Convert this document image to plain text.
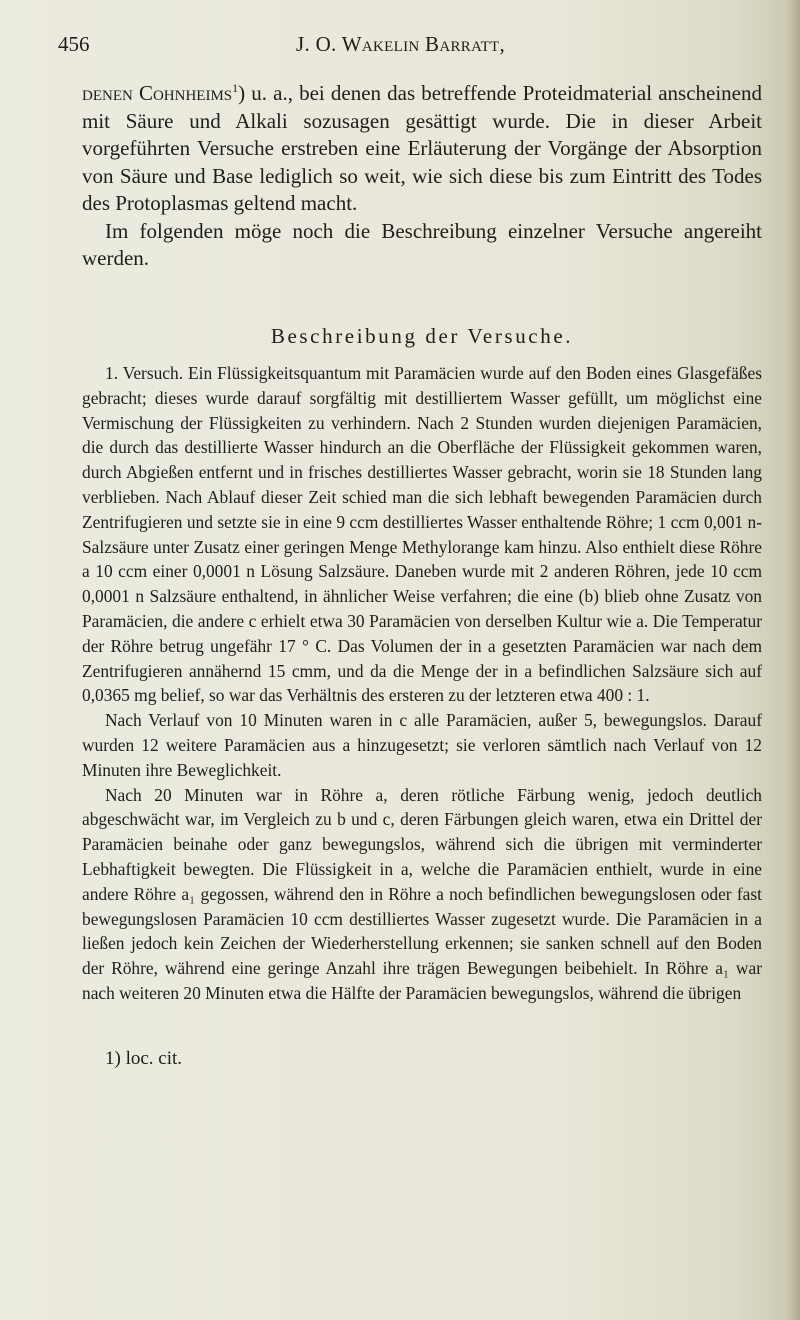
456	J. O. Wakelin Barratt,

denen Cohnheims$^1$) u. a., bei denen das betreffende Proteidmaterial anscheinend mit Säure und Alkali sozusagen gesättigt wurde. Die in dieser Arbeit vorgeführten Versuche erstreben eine Erläuterung der Vorgänge der Absorption von Säure und Base lediglich so weit, wie sich diese bis zum Eintritt des Todes des Protoplasmas geltend macht.

Im folgenden möge noch die Beschreibung einzelner Versuche angereiht werden.

Beschreibung der Versuche.

1. Versuch. Ein Flüssigkeitsquantum mit Paramäcien wurde auf den Boden eines Glasgefäßes gebracht; dieses wurde darauf sorgfältig mit destilliertem Wasser gefüllt, um möglichst eine Vermischung der Flüssigkeiten zu verhindern. Nach 2 Stunden wurden diejenigen Paramäcien, die durch das destillierte Wasser hindurch an die Oberfläche der Flüssigkeit gekommen waren, durch Abgießen entfernt und in frisches destilliertes Wasser gebracht, worin sie 18 Stunden lang verblieben. Nach Ablauf dieser Zeit schied man die sich lebhaft bewegenden Paramäcien durch Zentrifugieren und setzte sie in eine 9 ccm destilliertes Wasser enthaltende Röhre; 1 ccm 0,001 n-Salzsäure unter Zusatz einer geringen Menge Methylorange kam hinzu. Also enthielt diese Röhre a 10 ccm einer 0,0001 n Lösung Salzsäure. Daneben wurde mit 2 anderen Röhren, jede 10 ccm 0,0001 n Salzsäure enthaltend, in ähnlicher Weise verfahren; die eine (b) blieb ohne Zusatz von Paramäcien, die andere c erhielt etwa 30 Paramäcien von derselben Kultur wie a. Die Temperatur der Röhre betrug ungefähr 17 ° C. Das Volumen der in a gesetzten Paramäcien war nach dem Zentrifugieren annähernd 15 cmm, und da die Menge der in a befindlichen Salzsäure sich auf 0,0365 mg belief, so war das Verhältnis des ersteren zu der letzteren etwa 400 : 1.

Nach Verlauf von 10 Minuten waren in c alle Paramäcien, außer 5, bewegungslos. Darauf wurden 12 weitere Paramäcien aus a hinzugesetzt; sie verloren sämtlich nach Verlauf von 12 Minuten ihre Beweglichkeit.

Nach 20 Minuten war in Röhre a, deren rötliche Färbung wenig, jedoch deutlich abgeschwächt war, im Vergleich zu b und c, deren Färbungen gleich waren, etwa ein Drittel der Paramäcien beinahe oder ganz bewegungslos, während sich die übrigen mit verminderter Lebhaftigkeit bewegten. Die Flüssigkeit in a, welche die Paramäcien enthielt, wurde in eine andere Röhre a₁ gegossen, während den in Röhre a noch befindlichen bewegungslosen oder fast bewegungslosen Paramäcien 10 ccm destilliertes Wasser zugesetzt wurde. Die Paramäcien in a ließen jedoch kein Zeichen der Wiederherstellung erkennen; sie sanken schnell auf den Boden der Röhre, während eine geringe Anzahl ihre trägen Bewegungen beibehielt. In Röhre a₁ war nach weiteren 20 Minuten etwa die Hälfte der Paramäcien bewegungslos, während die übrigen

1) loc. cit.
